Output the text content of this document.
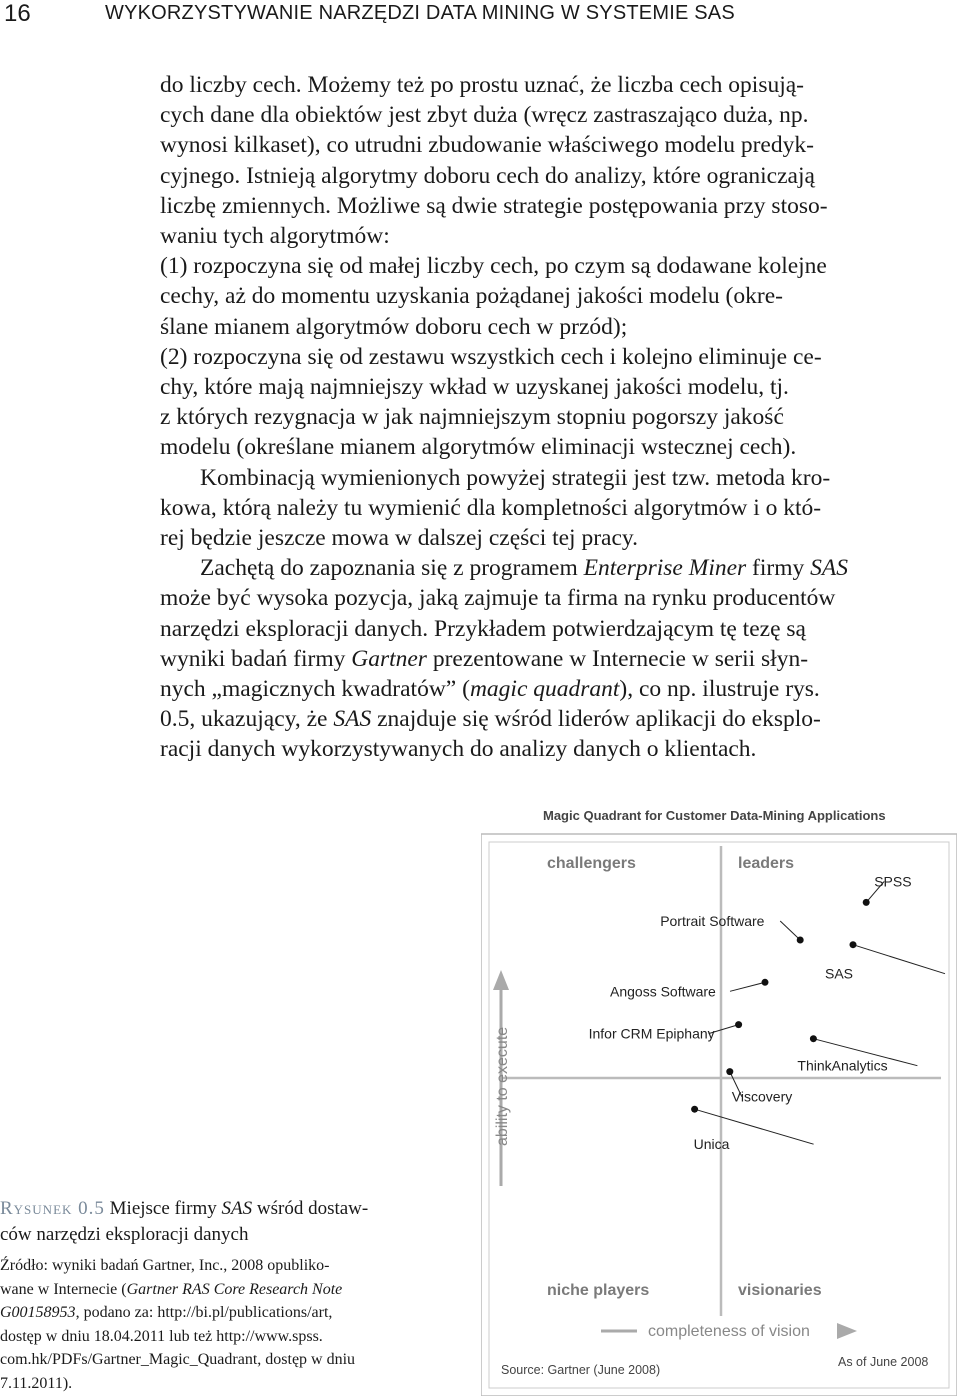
16	WYKORZYSTYWANIE NARZĘDZI DATA MINING W SYSTEMIE SAS

do liczby cech. Możemy też po prostu uznać, że liczba cech opisują-
cych dane dla obiektów jest zbyt duża (wręcz zastraszająco duża, np.
wynosi kilkaset), co utrudni zbudowanie właściwego modelu predyk-
cyjnego. Istnieją algorytmy doboru cech do analizy, które ograniczają
liczbę zmiennych. Możliwe są dwie strategie postępowania przy stoso-
waniu tych algorytmów:

(1) rozpoczyna się od małej liczby cech, po czym są dodawane kolejne
cechy, aż do momentu uzyskania pożądanej jakości modelu (okre-
ślane mianem algorytmów doboru cech w przód);

(2) rozpoczyna się od zestawu wszystkich cech i kolejno eliminuje ce-
chy, które mają najmniejszy wkład w uzyskanej jakości modelu, tj.
z których rezygnacja w jak najmniejszym stopniu pogorszy jakość
modelu (określane mianem algorytmów eliminacji wstecznej cech).

Kombinacją wymienionych powyżej strategii jest tzw. metoda kro-
kowa, którą należy tu wymienić dla kompletności algorytmów i o któ-
rej będzie jeszcze mowa w dalszej części tej pracy.

Zachętą do zapoznania się z programem Enterprise Miner firmy SAS
może być wysoka pozycja, jaką zajmuje ta firma na rynku producentów
narzędzi eksploracji danych. Przykładem potwierdzającym tę tezę są
wyniki badań firmy Gartner prezentowane w Internecie w serii słyn-
nych „magicznych kwadratów” (magic quadrant), co np. ilustruje rys.
0.5, ukazujący, że SAS znajduje się wśród liderów aplikacji do eksplo-
racji danych wykorzystywanych do analizy danych o klientach.

Magic Quadrant for Customer Data-Mining Applications
challengers	leaders
niche players	visionaries
ability to execute
completeness of vision
Source: Gartner (June 2008)
As of June 2008
SPSS
Portrait Software
SAS
Angoss Software
Infor CRM Epiphany
ThinkAnalytics
Viscovery
Unica
Rysunek 0.5 Miejsce firmy SAS wśród dostaw-
ców narzędzi eksploracji danych
Źródło: wyniki badań Gartner, Inc., 2008 opubliko-
wane w Internecie (Gartner RAS Core Research Note
G00158953, podano za: http://bi.pl/publications/art,
dostęp w dniu 18.04.2011 lub też http://www.spss.
com.hk/PDFs/Gartner_Magic_Quadrant, dostęp w dniu
7.11.2011).
